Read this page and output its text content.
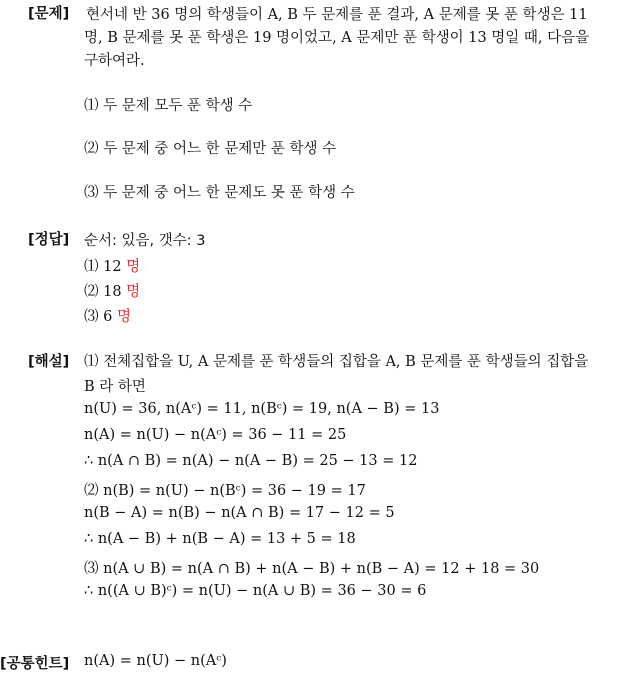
[문제] 현서네 반 36 명의 학생들이 A, B 두 문제를 푼 결과, A 문제를 못 푼 학생은 11
명, B 문제를 못 푼 학생은 19 명이었고, A 문제만 푼 학생이 13 명일 때, 다음을
구하여라.
⑴ 두 문제 모두 푼 학생 수
⑵ 두 문제 중 어느 한 문제만 푼 학생 수
⑶ 두 문제 중 어느 한 문제도 못 푼 학생 수
[정답] 순서: 있음, 갯수: 3
⑴ 12 명
⑵ 18 명
⑶ 6 명
[해설] ⑴ 전체집합을 U, A 문제를 푼 학생들의 집합을 A, B 문제를 푼 학생들의 집합을
B 라 하면
n(U) = 36, n(Aᶜ) = 11, n(Bᶜ) = 19, n(A − B) = 13
n(A) = n(U) − n(Aᶜ) = 36 − 11 = 25
∴ n(A ∩ B) = n(A) − n(A − B) = 25 − 13 = 12
⑵ n(B) = n(U) − n(Bᶜ) = 36 − 19 = 17
n(B − A) = n(B) − n(A ∩ B) = 17 − 12 = 5
∴ n(A − B) + n(B − A) = 13 + 5 = 18
⑶ n(A ∪ B) = n(A ∩ B) + n(A − B) + n(B − A) = 12 + 18 = 30
∴ n((A ∪ B)ᶜ) = n(U) − n(A ∪ B) = 36 − 30 = 6
[공통힌트] n(A) = n(U) − n(Aᶜ)
